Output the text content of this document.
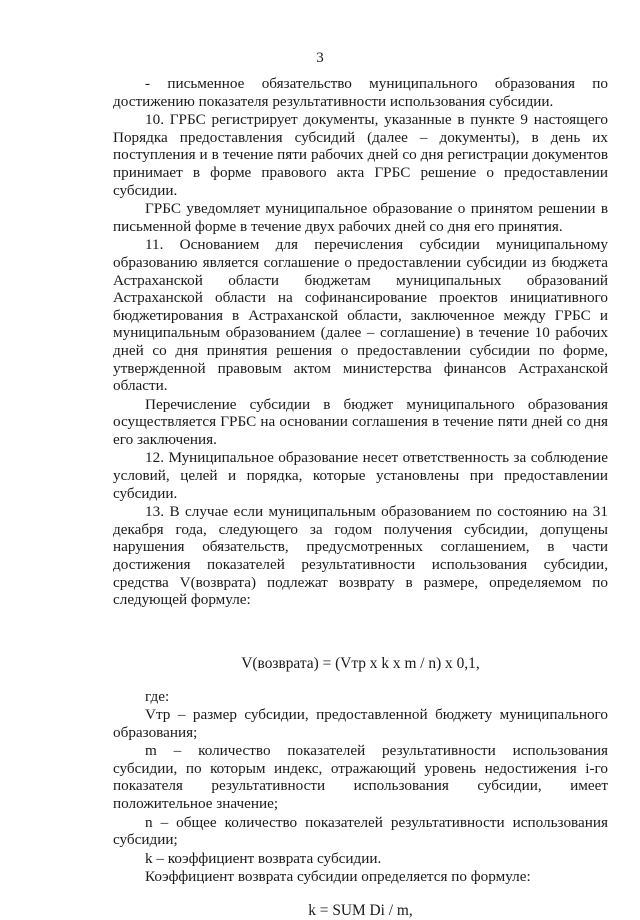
3

- письменное обязательство муниципального образования по достижению показателя результативности использования субсидии.

10. ГРБС регистрирует документы, указанные в пункте 9 настоящего Порядка предоставления субсидий (далее – документы), в день их поступления и в течение пяти рабочих дней со дня регистрации документов принимает в форме правового акта ГРБС решение о предоставлении субсидии.

ГРБС уведомляет муниципальное образование о принятом решении в письменной форме в течение двух рабочих дней со дня его принятия.

11. Основанием для перечисления субсидии муниципальному образованию является соглашение о предоставлении субсидии из бюджета Астраханской области бюджетам муниципальных образований Астраханской области на софинансирование проектов инициативного бюджетирования в Астраханской области, заключенное между ГРБС и муниципальным образованием (далее – соглашение) в течение 10 рабочих дней со дня принятия решения о предоставлении субсидии по форме, утвержденной правовым актом министерства финансов Астраханской области.

Перечисление субсидии в бюджет муниципального образования осуществляется ГРБС на основании соглашения в течение пяти дней со дня его заключения.

12. Муниципальное образование несет ответственность за соблюдение условий, целей и порядка, которые установлены при предоставлении субсидии.

13. В случае если муниципальным образованием по состоянию на 31 декабря года, следующего за годом получения субсидии, допущены нарушения обязательств, предусмотренных соглашением, в части достижения показателей результативности использования субсидии, средства V(возврата) подлежат возврату в размере, определяемом по следующей формуле:

V(возврата) = (Vтр x k x m / n) x 0,1,

где:

Vтр – размер субсидии, предоставленной бюджету муниципального образования;

m – количество показателей результативности использования субсидии, по которым индекс, отражающий уровень недостижения i-го показателя результативности использования субсидии, имеет положительное значение;

n – общее количество показателей результативности использования субсидии;

k – коэффициент возврата субсидии.

Коэффициент возврата субсидии определяется по формуле:

k = SUM Di / m,
